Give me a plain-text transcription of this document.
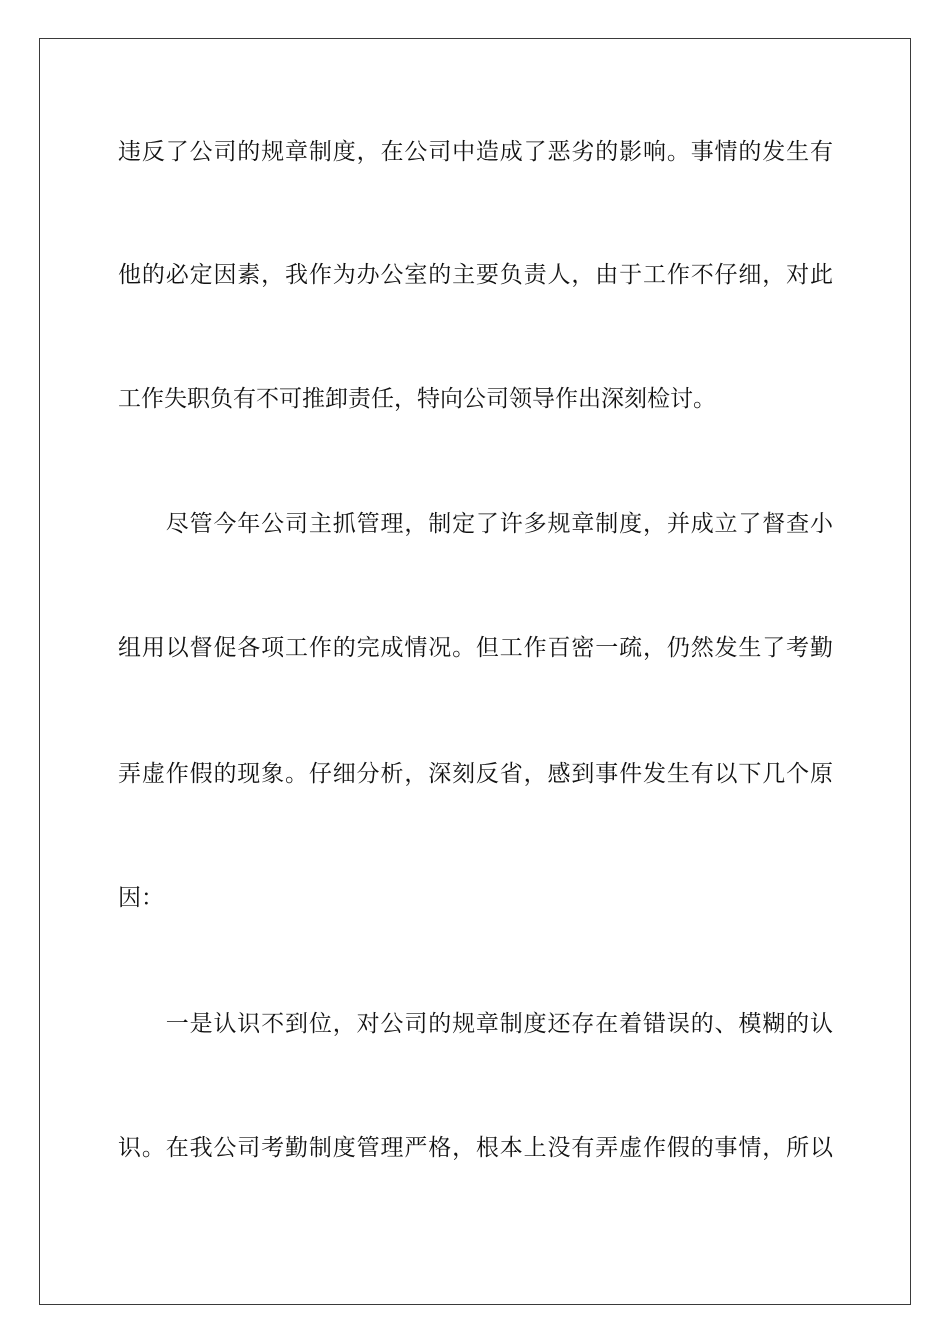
违反了公司的规章制度，在公司中造成了恶劣的影响。事情的发生有
他的必定因素，我作为办公室的主要负责人，由于工作不仔细，对此
工作失职负有不可推卸责任，特向公司领导作出深刻检讨。
　　尽管今年公司主抓管理，制定了许多规章制度，并成立了督查小
组用以督促各项工作的完成情况。但工作百密一疏，仍然发生了考勤
弄虚作假的现象。仔细分析，深刻反省，感到事件发生有以下几个原
因：
　　一是认识不到位，对公司的规章制度还存在着错误的、模糊的认
识。在我公司考勤制度管理严格，根本上没有弄虚作假的事情，所以
